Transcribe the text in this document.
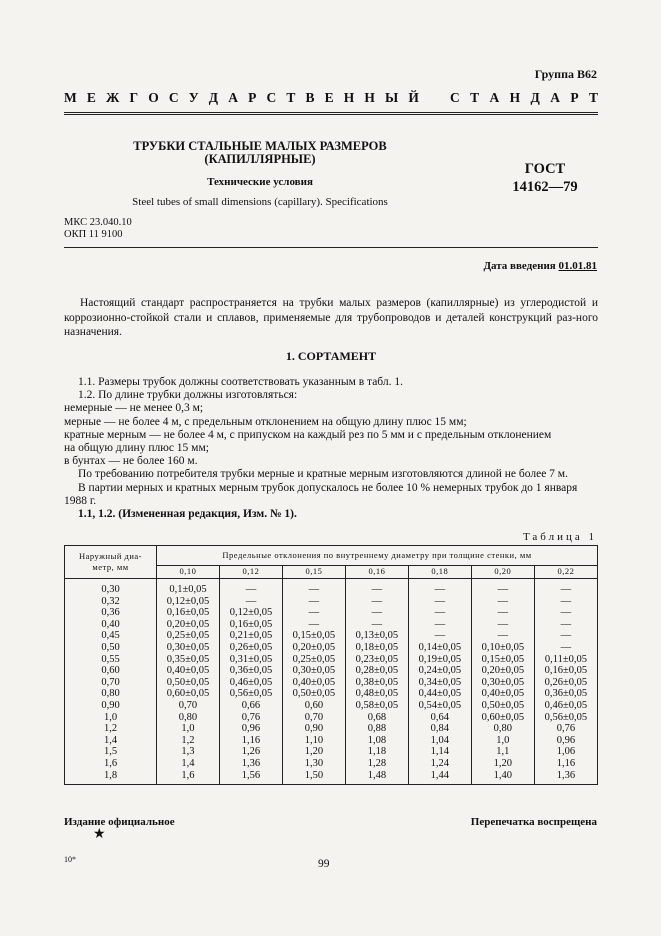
Группа В62
М Е Ж Г О С У Д А Р С Т В Е Н Н Ы Й С Т А Н Д А Р Т
ТРУБКИ СТАЛЬНЫЕ МАЛЫХ РАЗМЕРОВ
(КАПИЛЛЯРНЫЕ)
Технические условия
Steel tubes of small dimensions (capillary). Specifications
ГОСТ
14162—79
МКС 23.040.10
ОКП 11 9100
Дата введения 01.01.81
Настоящий стандарт распространяется на трубки малых размеров (капиллярные) из углеродистой и коррозионно-стойкой стали и сплавов, применяемые для трубопроводов и деталей конструкций раз-ного назначения.
1. СОРТАМЕНТ
1.1. Размеры трубок должны соответствовать указанным в табл. 1.
1.2. По длине трубки должны изготовляться:
немерные — не менее 0,3 м;
мерные — не более 4 м, с предельным отклонением на общую длину плюс 15 мм;
кратные мерным — не более 4 м, с припуском на каждый рез по 5 мм и с предельным отклонением
на общую длину плюс 15 мм;
в бунтах — не более 160 м.
По требованию потребителя трубки мерные и кратные мерным изготовляются длиной не более 7 м.
В партии мерных и кратных мерным трубок допускалось не более 10 % немерных трубок до 1 января
1988 г.
1.1, 1.2. (Измененная редакция, Изм. № 1).
Таблица 1
Наружный диа-метр, мм	Предельные отклонения по внутреннему диаметру при толщине стенки, мм						
	0,10	0,12	0,15	0,16	0,18	0,20	0,22
0,30	0,1±0,05	—	—	—	—	—	—
0,32	0,12±0,05	—	—	—	—	—	—
0,36	0,16±0,05	0,12±0,05	—	—	—	—	—
0,40	0,20±0,05	0,16±0,05	—	—	—	—	—
0,45	0,25±0,05	0,21±0,05	0,15±0,05	0,13±0,05	—	—	—
0,50	0,30±0,05	0,26±0,05	0,20±0,05	0,18±0,05	0,14±0,05	0,10±0,05	—
0,55	0,35±0,05	0,31±0,05	0,25±0,05	0,23±0,05	0,19±0,05	0,15±0,05	0,11±0,05
0,60	0,40±0,05	0,36±0,05	0,30±0,05	0,28±0,05	0,24±0,05	0,20±0,05	0,16±0,05
0,70	0,50±0,05	0,46±0,05	0,40±0,05	0,38±0,05	0,34±0,05	0,30±0,05	0,26±0,05
0,80	0,60±0,05	0,56±0,05	0,50±0,05	0,48±0,05	0,44±0,05	0,40±0,05	0,36±0,05
0,90	0,70	0,66	0,60	0,58±0,05	0,54±0,05	0,50±0,05	0,46±0,05
1,0	0,80	0,76	0,70	0,68	0,64	0,60±0,05	0,56±0,05
1,2	1,0	0,96	0,90	0,88	0,84	0,80	0,76
1,4	1,2	1,16	1,10	1,08	1,04	1,0	0,96
1,5	1,3	1,26	1,20	1,18	1,14	1,1	1,06
1,6	1,4	1,36	1,30	1,28	1,24	1,20	1,16
1,8	1,6	1,56	1,50	1,48	1,44	1,40	1,36
Издание официальное
★
Перепечатка воспрещена
10*	99
